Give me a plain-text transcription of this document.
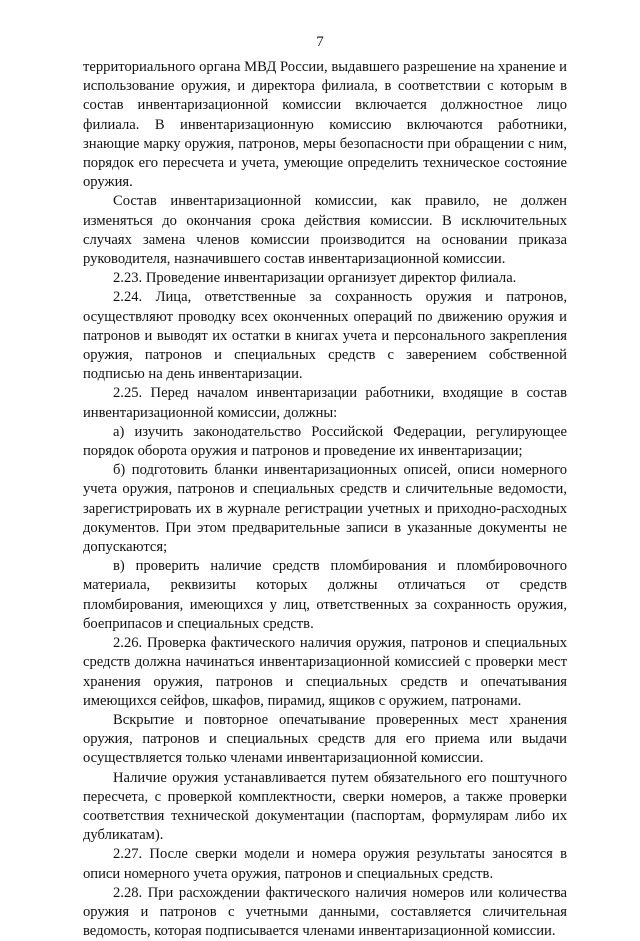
7

территориального органа МВД России, выдавшего разрешение на хранение и использование оружия, и директора филиала, в соответствии с которым в состав инвентаризационной комиссии включается должностное лицо филиала. В инвентаризационную комиссию включаются работники, знающие марку оружия, патронов, меры безопасности при обращении с ним, порядок его пересчета и учета, умеющие определить техническое состояние оружия.

Состав инвентаризационной комиссии, как правило, не должен изменяться до окончания срока действия комиссии. В исключительных случаях замена членов комиссии производится на основании приказа руководителя, назначившего состав инвентаризационной комиссии.

2.23. Проведение инвентаризации организует директор филиала.

2.24. Лица, ответственные за сохранность оружия и патронов, осуществляют проводку всех оконченных операций по движению оружия и патронов и выводят их остатки в книгах учета и персонального закрепления оружия, патронов и специальных средств с заверением собственной подписью на день инвентаризации.

2.25. Перед началом инвентаризации работники, входящие в состав инвентаризационной комиссии, должны:

а) изучить законодательство Российской Федерации, регулирующее порядок оборота оружия и патронов и проведение их инвентаризации;

б) подготовить бланки инвентаризационных описей, описи номерного учета оружия, патронов и специальных средств и сличительные ведомости, зарегистрировать их в журнале регистрации учетных и приходно-расходных документов. При этом предварительные записи в указанные документы не допускаются;

в) проверить наличие средств пломбирования и пломбировочного материала, реквизиты которых должны отличаться от средств пломбирования, имеющихся у лиц, ответственных за сохранность оружия, боеприпасов и специальных средств.

2.26. Проверка фактического наличия оружия, патронов и специальных средств должна начинаться инвентаризационной комиссией с проверки мест хранения оружия, патронов и специальных средств и опечатывания имеющихся сейфов, шкафов, пирамид, ящиков с оружием, патронами.

Вскрытие и повторное опечатывание проверенных мест хранения оружия, патронов и специальных средств для его приема или выдачи осуществляется только членами инвентаризационной комиссии.

Наличие оружия устанавливается путем обязательного его поштучного пересчета, с проверкой комплектности, сверки номеров, а также проверки соответствия технической документации (паспортам, формулярам либо их дубликатам).

2.27. После сверки модели и номера оружия результаты заносятся в описи номерного учета оружия, патронов и специальных средств.

2.28. При расхождении фактического наличия номеров или количества оружия и патронов с учетными данными, составляется сличительная ведомость, которая подписывается членами инвентаризационной комиссии.
